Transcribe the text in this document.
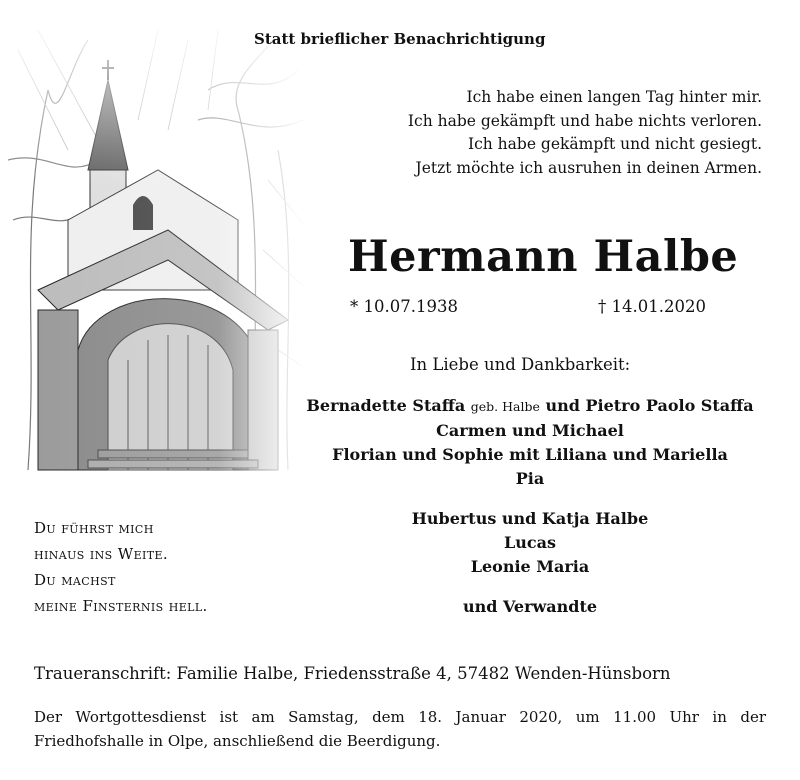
Statt brieflicher Benachrichtigung
Ich habe einen langen Tag hinter mir.
Ich habe gekämpft und habe nichts verloren.
Ich habe gekämpft und nicht gesiegt.
Jetzt möchte ich ausruhen in deinen Armen.
Hermann Halbe
* 10.07.1938	† 14.01.2020
In Liebe und Dankbarkeit:
Bernadette Staffa geb. Halbe und Pietro Paolo Staffa
Carmen und Michael
Florian und Sophie mit Liliana und Mariella
Pia
Hubertus und Katja Halbe
Lucas
Leonie Maria
und Verwandte
Du führst mich
hinaus ins Weite.
Du machst
meine Finsternis hell.
Traueranschrift: Familie Halbe, Friedensstraße 4, 57482 Wenden-Hünsborn
Der Wortgottesdienst ist am Samstag, dem 18. Januar 2020, um 11.00 Uhr in der
Friedhofshalle in Olpe, anschließend die Beerdigung.
